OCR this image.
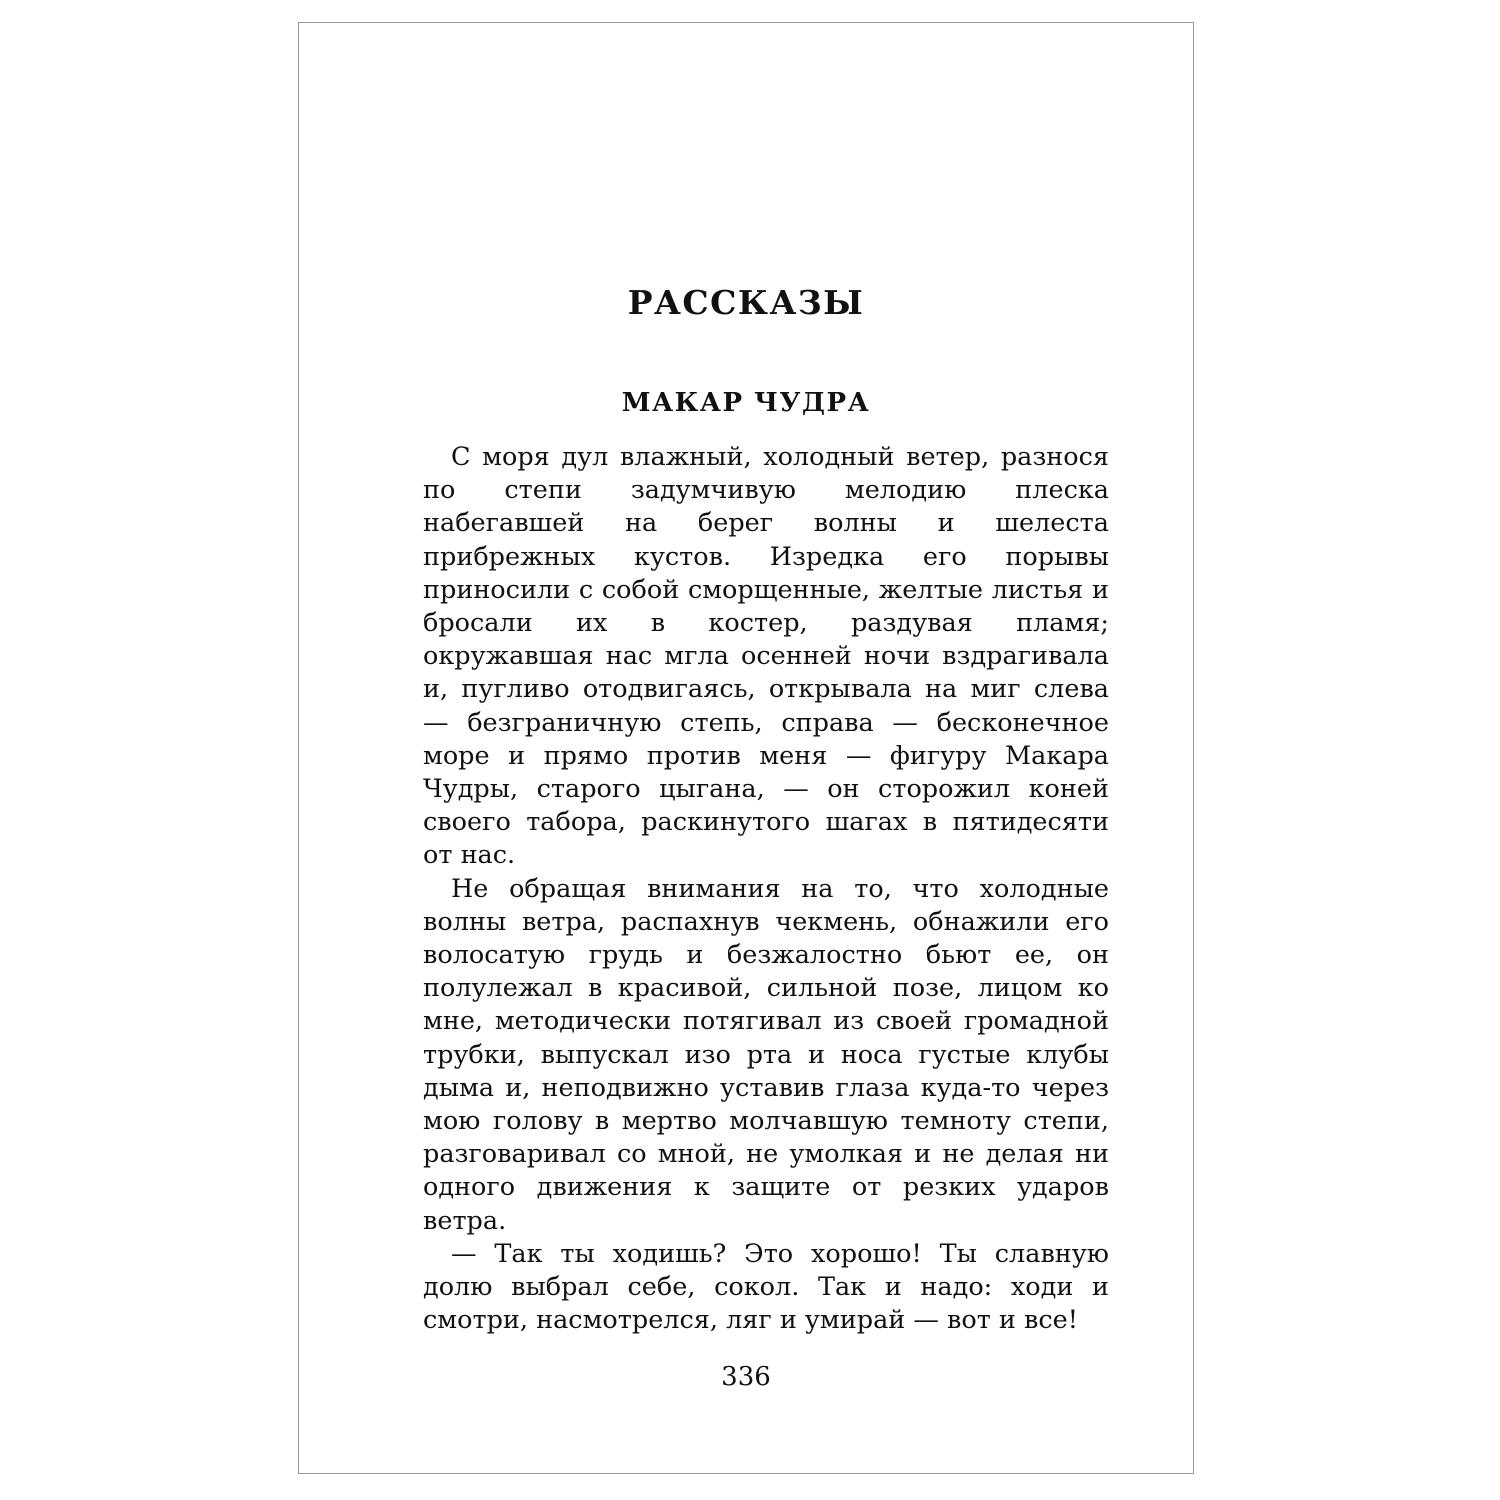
РАССКАЗЫ
МАКАР ЧУДРА

С моря дул влажный, холодный ветер, разнося по степи задумчивую мелодию плеска набегавшей на берег волны и шелеста прибрежных кустов. Изредка его порывы приносили с собой сморщенные, желтые листья и бросали их в костер, раздувая пламя; окружавшая нас мгла осенней ночи вздрагивала и, пугливо отодвигаясь, открывала на миг слева — безграничную степь, справа — бесконечное море и прямо против меня — фигуру Макара Чудры, старого цыгана, — он сторожил коней своего табора, раскинутого шагах в пятидесяти от нас.

Не обращая внимания на то, что холодные волны ветра, распахнув чекмень, обнажили его волосатую грудь и безжалостно бьют ее, он полулежал в красивой, сильной позе, лицом ко мне, методически потягивал из своей громадной трубки, выпускал изо рта и носа густые клубы дыма и, неподвижно уставив глаза куда-то через мою голову в мертво молчавшую темноту степи, разговаривал со мной, не умолкая и не делая ни одного движения к защите от резких ударов ветра.

— Так ты ходишь? Это хорошо! Ты славную долю выбрал себе, сокол. Так и надо: ходи и смотри, насмотрелся, ляг и умирай — вот и все!

336
